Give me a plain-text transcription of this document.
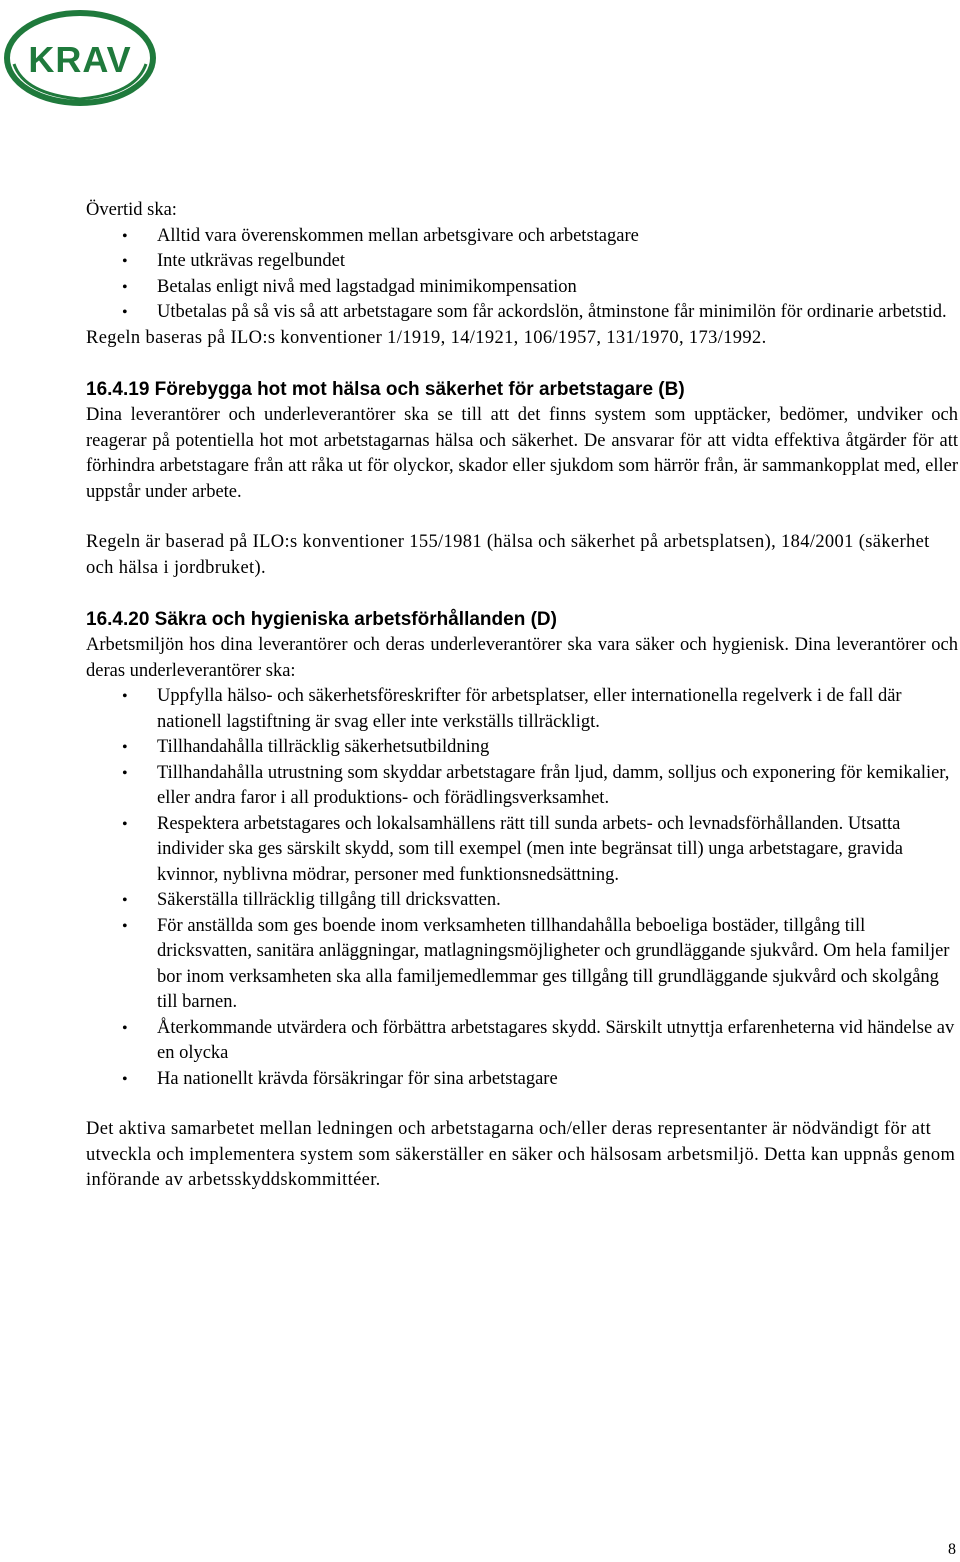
KRAV

Övertid ska:

• Alltid vara överenskommen mellan arbetsgivare och arbetstagare
• Inte utkrävas regelbundet
• Betalas enligt nivå med lagstadgad minimikompensation
• Utbetalas på så vis så att arbetstagare som får ackordslön, åtminstone får minimilön för ordinarie arbetstid.

Regeln baseras på ILO:s konventioner 1/1919, 14/1921, 106/1957, 131/1970, 173/1992.

16.4.19 Förebygga hot mot hälsa och säkerhet för arbetstagare (B)

Dina leverantörer och underleverantörer ska se till att det finns system som upptäcker, bedömer, undviker och reagerar på potentiella hot mot arbetstagarnas hälsa och säkerhet. De ansvarar för att vidta effektiva åtgärder för att förhindra arbetstagare från att råka ut för olyckor, skador eller sjukdom som härrör från, är sammankopplat med, eller uppstår under arbete.

Regeln är baserad på ILO:s konventioner 155/1981 (hälsa och säkerhet på arbetsplatsen), 184/2001 (säkerhet och hälsa i jordbruket).

16.4.20 Säkra och hygieniska arbetsförhållanden (D)

Arbetsmiljön hos dina leverantörer och deras underleverantörer ska vara säker och hygienisk. Dina leverantörer och deras underleverantörer ska:

• Uppfylla hälso- och säkerhetsföreskrifter för arbetsplatser, eller internationella regelverk i de fall där nationell lagstiftning är svag eller inte verkställs tillräckligt.
• Tillhandahålla tillräcklig säkerhetsutbildning
• Tillhandahålla utrustning som skyddar arbetstagare från ljud, damm, solljus och exponering för kemikalier, eller andra faror i all produktions- och förädlingsverksamhet.
• Respektera arbetstagares och lokalsamhällens rätt till sunda arbets- och levnadsförhållanden. Utsatta individer ska ges särskilt skydd, som till exempel (men inte begränsat till) unga arbetstagare, gravida kvinnor, nyblivna mödrar, personer med funktionsnedsättning.
• Säkerställa tillräcklig tillgång till dricksvatten.
• För anställda som ges boende inom verksamheten tillhandahålla beboeliga bostäder, tillgång till dricksvatten, sanitära anläggningar, matlagningsmöjligheter och grundläggande sjukvård. Om hela familjer bor inom verksamheten ska alla familjemedlemmar ges tillgång till grundläggande sjukvård och skolgång till barnen.
• Återkommande utvärdera och förbättra arbetstagares skydd. Särskilt utnyttja erfarenheterna vid händelse av en olycka
• Ha nationellt krävda försäkringar för sina arbetstagare

Det aktiva samarbetet mellan ledningen och arbetstagarna och/eller deras representanter är nödvändigt för att utveckla och implementera system som säkerställer en säker och hälsosam arbetsmiljö. Detta kan uppnås genom införande av arbetsskyddskommittéer.

8
